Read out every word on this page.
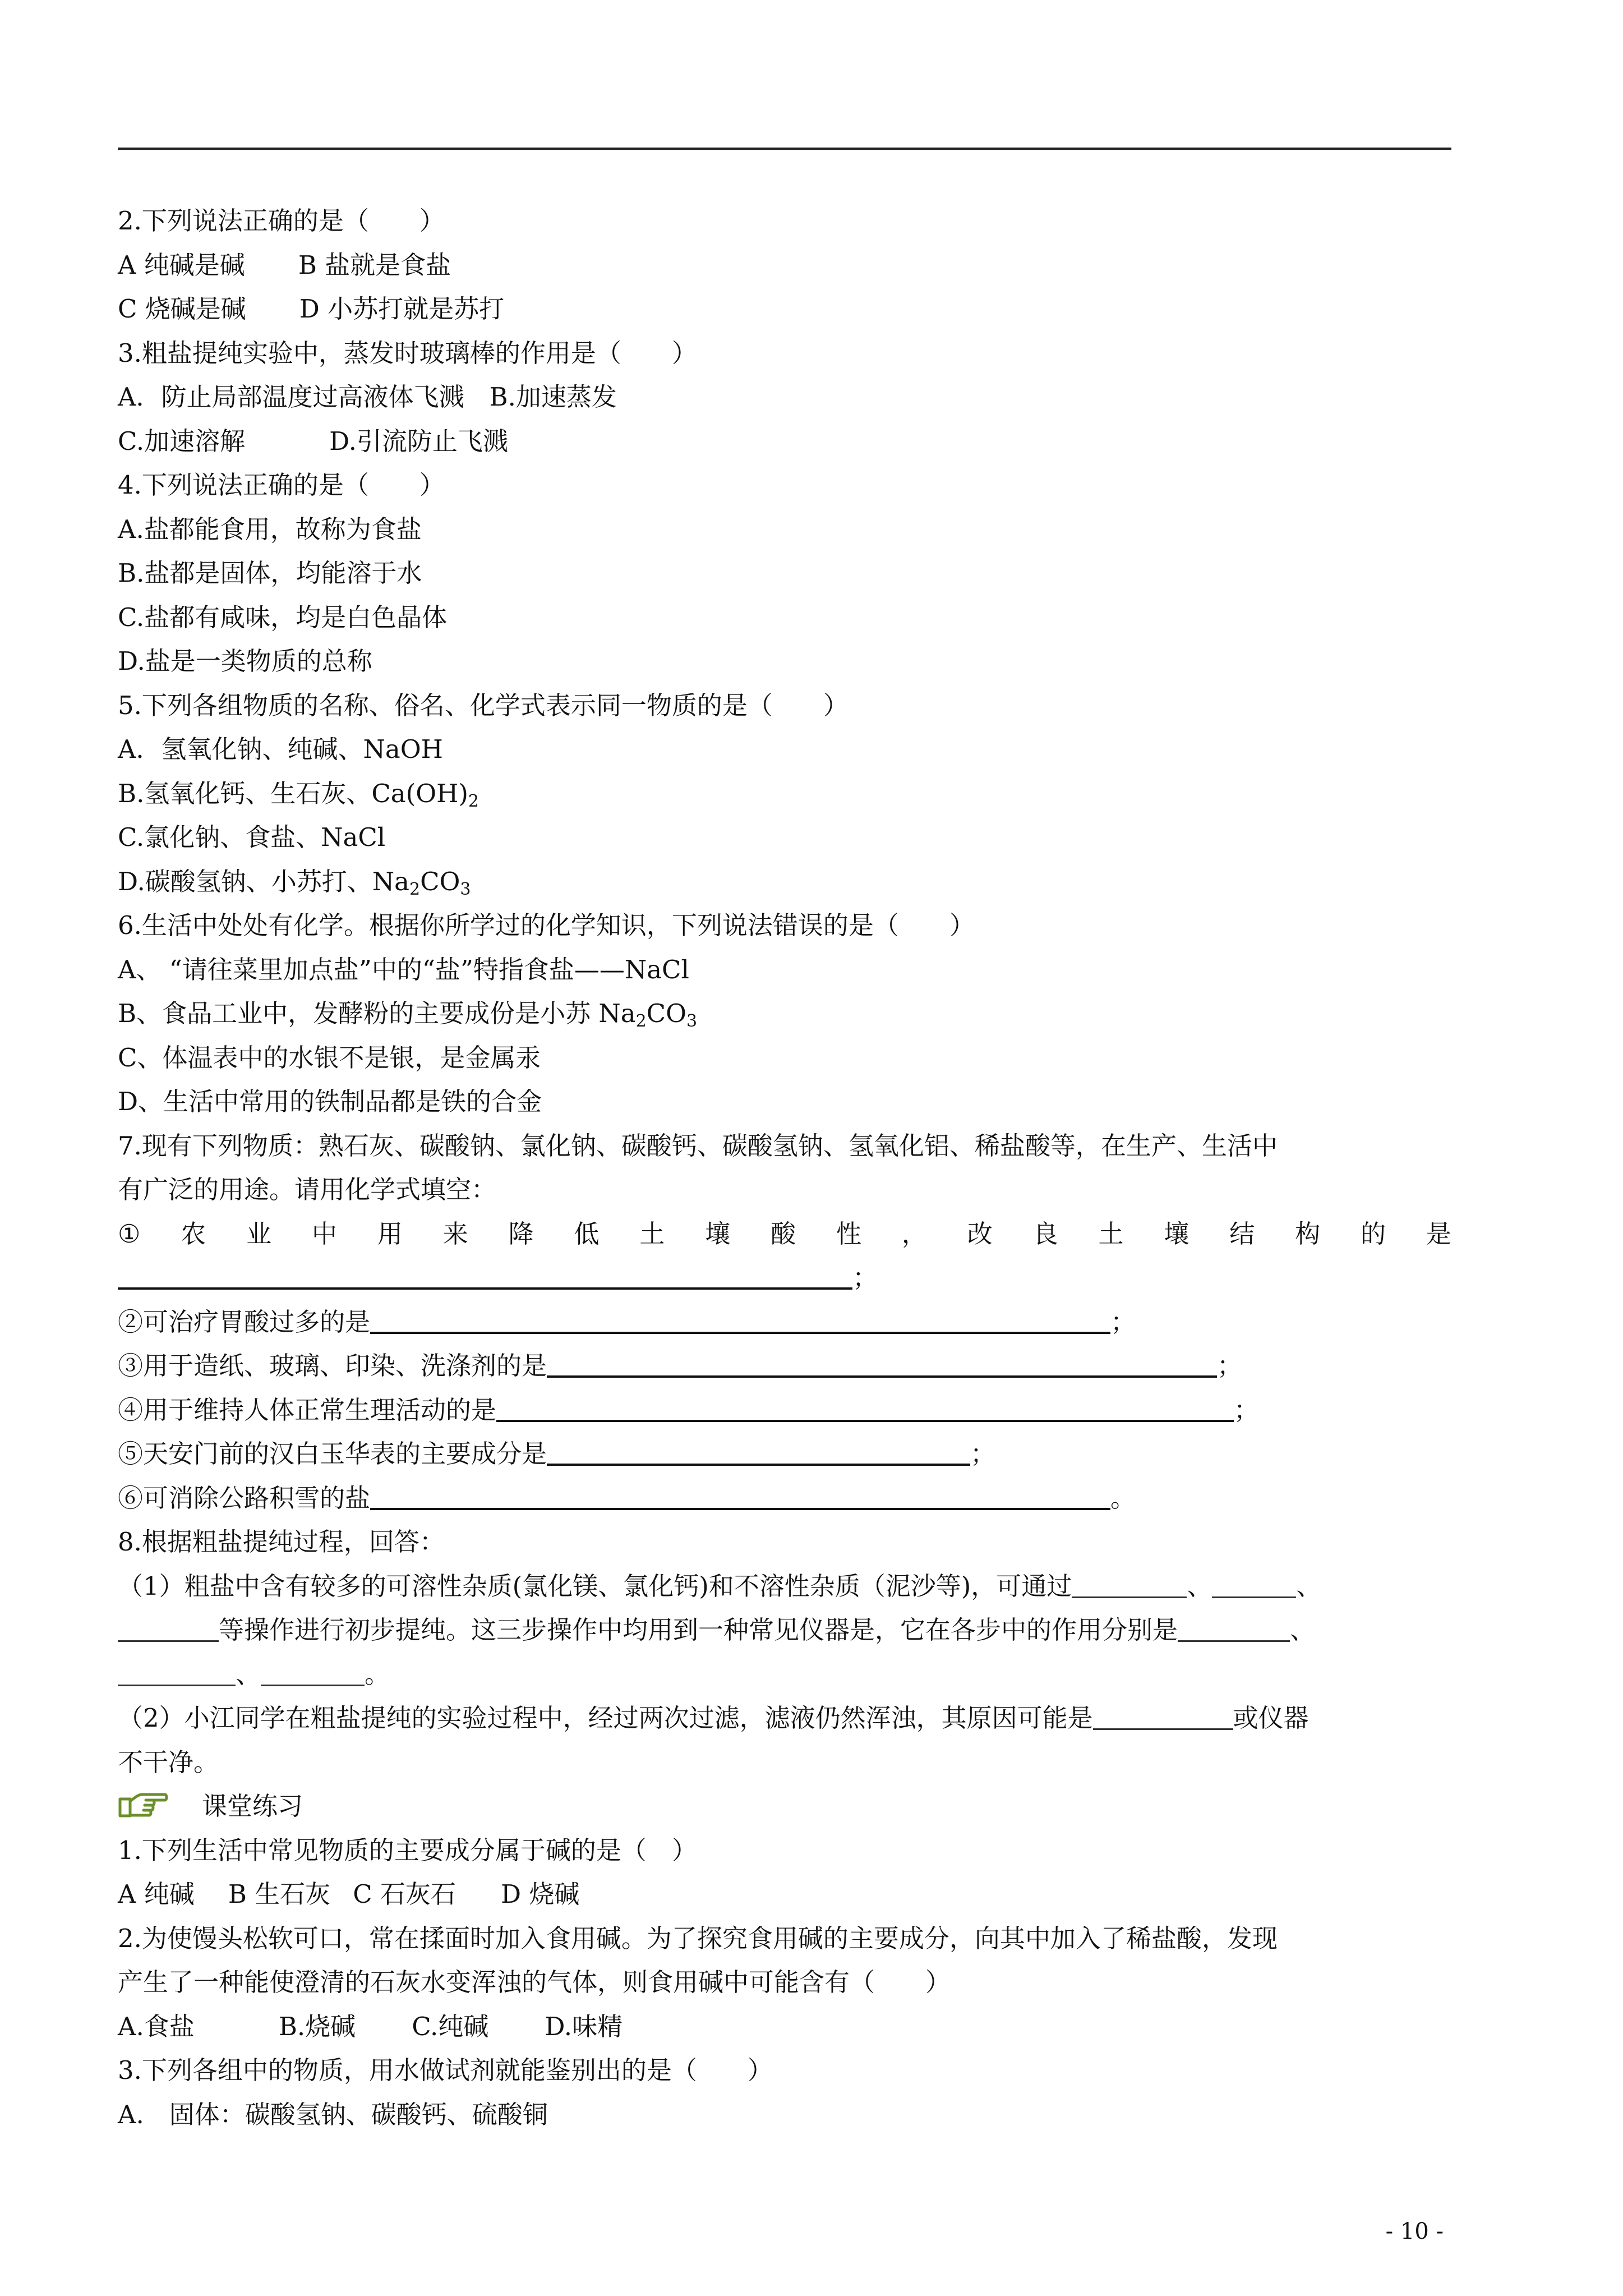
2.下列说法正确的是（　　）
A 纯碱是碱 B 盐就是食盐
C 烧碱是碱 D 小苏打就是苏打
3.粗盐提纯实验中，蒸发时玻璃棒的作用是（　　）
A．防止局部温度过高液体飞溅 B.加速蒸发
C.加速溶解	D.引流防止飞溅
4.下列说法正确的是（　　）
A.盐都能食用，故称为食盐
B.盐都是固体，均能溶于水
C.盐都有咸味，均是白色晶体
D.盐是一类物质的总称
5.下列各组物质的名称、俗名、化学式表示同一物质的是（　　）
A．氢氧化钠、纯碱、NaOH
B.氢氧化钙、生石灰、$Ca(OH)_2$
C.氯化钠、食盐、NaCl
D.碳酸氢钠、小苏打、$Na_2CO_3$
6.生活中处处有化学。根据你所学过的化学知识，下列说法错误的是（　　）
A、 “请往菜里加点盐”中的“盐”特指食盐——NaCl
B、食品工业中，发酵粉的主要成份是小苏 $Na_2CO_3$
C、体温表中的水银不是银，是金属汞
D、生活中常用的铁制品都是铁的合金
7.现有下列物质：熟石灰、碳酸钠、氯化钠、碳酸钙、碳酸氢钠、氢氧化铝、稀盐酸等，在生产、生活中
有广泛的用途。请用化学式填空：
① 农 业 中 用 来 降 低 土 壤 酸 性 ， 改 良 土 壤 结 构 的 是
；
②可治疗胃酸过多的是	；
③用于造纸、玻璃、印染、洗涤剂的是	；
④用于维持人体正常生理活动的是	；
⑤天安门前的汉白玉华表的主要成分是	；
⑥可消除公路积雪的盐	。
8.根据粗盐提纯过程，回答：
（1）粗盐中含有较多的可溶性杂质(氯化镁、氯化钙)和不溶性杂质（泥沙等)，可通过	、	、
等操作进行初步提纯。这三步操作中均用到一种常见仪器是，它在各步中的作用分别是	、
、	。
（2）小江同学在粗盐提纯的实验过程中，经过两次过滤，滤液仍然浑浊，其原因可能是	或仪器
不干净。
课堂练习
1.下列生活中常见物质的主要成分属于碱的是（　）
A 纯碱 B 生石灰 C 石灰石 D 烧碱
2.为使馒头松软可口，常在揉面时加入食用碱。为了探究食用碱的主要成分，向其中加入了稀盐酸，发现
产生了一种能使澄清的石灰水变浑浊的气体，则食用碱中可能含有（　　）
A.食盐	B.烧碱 C.纯碱 D.味精
3.下列各组中的物质，用水做试剂就能鉴别出的是（　　）
A.　固体：碳酸氢钠、碳酸钙、硫酸铜
- 10 -
